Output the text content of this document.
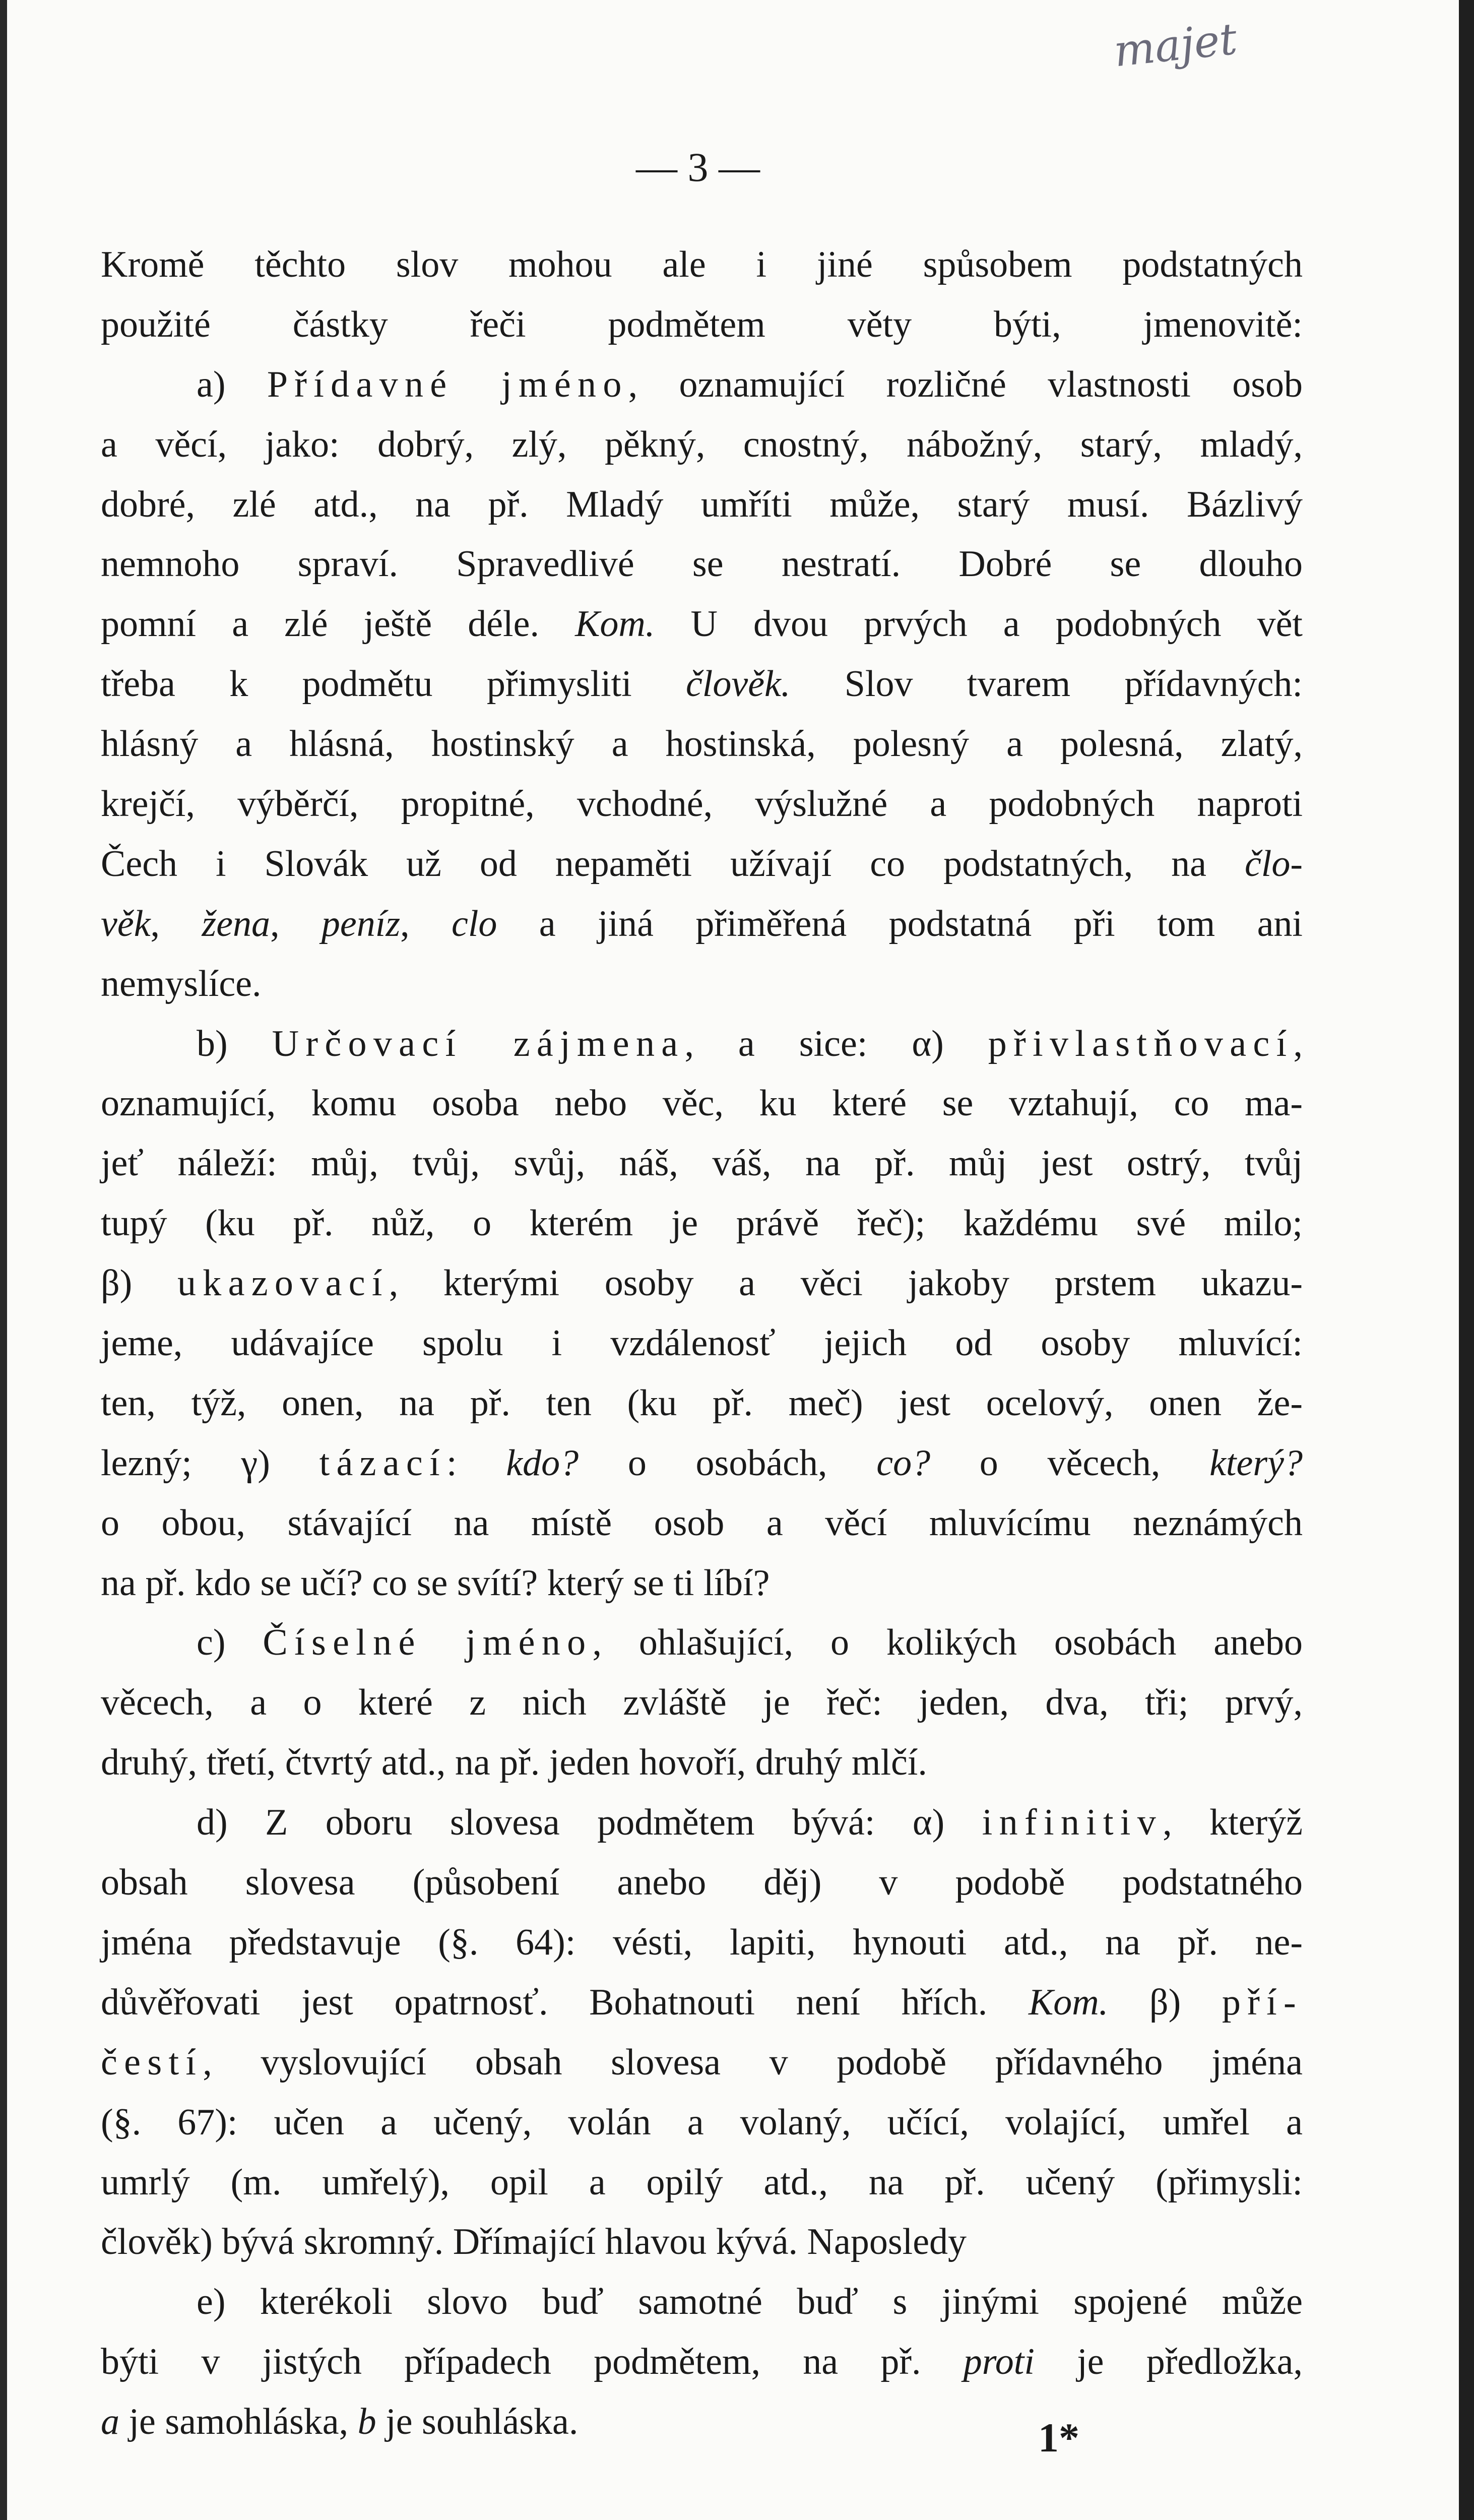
majet
— 3 —
Kromě těchto slov mohou ale i jiné spůsobem podstatných
použité částky řeči podmětem věty býti, jmenovitě:
a) Přídavné jméno, oznamující rozličné vlastnosti osob
a věcí, jako: dobrý, zlý, pěkný, cnostný, nábožný, starý, mladý,
dobré, zlé atd., na př. Mladý umříti může, starý musí. Bázlivý
nemnoho spraví. Spravedlivé se nestratí. Dobré se dlouho
pomní a zlé ještě déle. Kom. U dvou prvých a podobných vět
třeba k podmětu přimysliti člověk. Slov tvarem přídavných:
hlásný a hlásná, hostinský a hostinská, polesný a polesná, zlatý,
krejčí, výběrčí, propitné, vchodné, výslužné a podobných naproti
Čech i Slovák už od nepaměti užívají co podstatných, na člo-
věk, žena, peníz, clo a jiná přiměřená podstatná při tom ani
nemyslíce.
b) Určovací zájmena, a sice: α) přivlastňovací,
oznamující, komu osoba nebo věc, ku které se vztahují, co ma-
jeť náleží: můj, tvůj, svůj, náš, váš, na př. můj jest ostrý, tvůj
tupý (ku př. nůž, o kterém je právě řeč); každému své milo;
β) ukazovací, kterými osoby a věci jakoby prstem ukazu-
jeme, udávajíce spolu i vzdálenosť jejich od osoby mluvící:
ten, týž, onen, na př. ten (ku př. meč) jest ocelový, onen že-
lezný; γ) tázací: kdo? o osobách, co? o věcech, který?
o obou, stávající na místě osob a věcí mluvícímu neznámých
na př. kdo se učí? co se svítí? který se ti líbí?
c) Číselné jméno, ohlašující, o kolikých osobách anebo
věcech, a o které z nich zvláště je řeč: jeden, dva, tři; prvý,
druhý, třetí, čtvrtý atd., na př. jeden hovoří, druhý mlčí.
d) Z oboru slovesa podmětem bývá: α) infinitiv, kterýž
obsah slovesa (působení anebo děj) v podobě podstatného
jména představuje (§. 64): vésti, lapiti, hynouti atd., na př. ne-
důvěřovati jest opatrnosť. Bohatnouti není hřích. Kom. β) pří-
čestí, vyslovující obsah slovesa v podobě přídavného jména
(§. 67): učen a učený, volán a volaný, učící, volající, umřel a
umrlý (m. umřelý), opil a opilý atd., na př. učený (přimysli:
člověk) bývá skromný. Dřímající hlavou kývá. Naposledy
e) kterékoli slovo buď samotné buď s jinými spojené může
býti v jistých případech podmětem, na př. proti je předložka,
a je samohláska, b je souhláska.	1*
